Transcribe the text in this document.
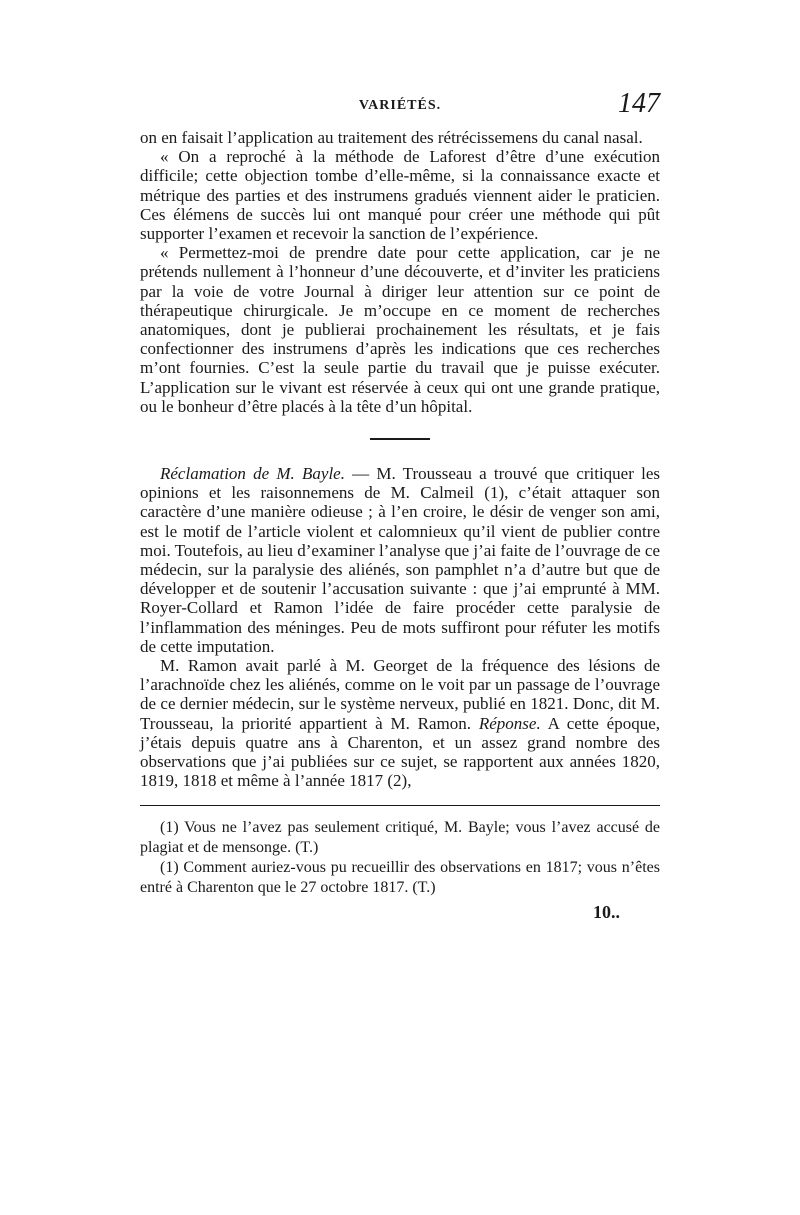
VARIÉTÉS.	147

on en faisait l’application au traitement des rétrécissemens du canal nasal.

« On a reproché à la méthode de Laforest d’être d’une exécution difficile; cette objection tombe d’elle-même, si la connaissance exacte et métrique des parties et des instrumens gradués viennent aider le praticien. Ces élémens de succès lui ont manqué pour créer une méthode qui pût supporter l’examen et recevoir la sanction de l’expérience.

« Permettez-moi de prendre date pour cette application, car je ne prétends nullement à l’honneur d’une découverte, et d’inviter les praticiens par la voie de votre Journal à diriger leur attention sur ce point de thérapeutique chirurgicale. Je m’occupe en ce moment de recherches anatomiques, dont je publierai prochainement les résultats, et je fais confectionner des instrumens d’après les indications que ces recherches m’ont fournies. C’est la seule partie du travail que je puisse exécuter. L’application sur le vivant est réservée à ceux qui ont une grande pratique, ou le bonheur d’être placés à la tête d’un hôpital.

Réclamation de M. Bayle. — M. Trousseau a trouvé que critiquer les opinions et les raisonnemens de M. Calmeil (1), c’était attaquer son caractère d’une manière odieuse ; à l’en croire, le désir de venger son ami, est le motif de l’article violent et calomnieux qu’il vient de publier contre moi. Toutefois, au lieu d’examiner l’analyse que j’ai faite de l’ouvrage de ce médecin, sur la paralysie des aliénés, son pamphlet n’a d’autre but que de développer et de soutenir l’accusation suivante : que j’ai emprunté à MM. Royer-Collard et Ramon l’idée de faire procéder cette paralysie de l’inflammation des méninges. Peu de mots suffiront pour réfuter les motifs de cette imputation.

M. Ramon avait parlé à M. Georget de la fréquence des lésions de l’arachnoïde chez les aliénés, comme on le voit par un passage de l’ouvrage de ce dernier médecin, sur le système nerveux, publié en 1821. Donc, dit M. Trousseau, la priorité appartient à M. Ramon. Réponse. A cette époque, j’étais depuis quatre ans à Charenton, et un assez grand nombre des observations que j’ai publiées sur ce sujet, se rapportent aux années 1820, 1819, 1818 et même à l’année 1817 (2),

(1) Vous ne l’avez pas seulement critiqué, M. Bayle; vous l’avez accusé de plagiat et de mensonge. (T.)

(1) Comment auriez-vous pu recueillir des observations en 1817; vous n’êtes entré à Charenton que le 27 octobre 1817. (T.)

10..
